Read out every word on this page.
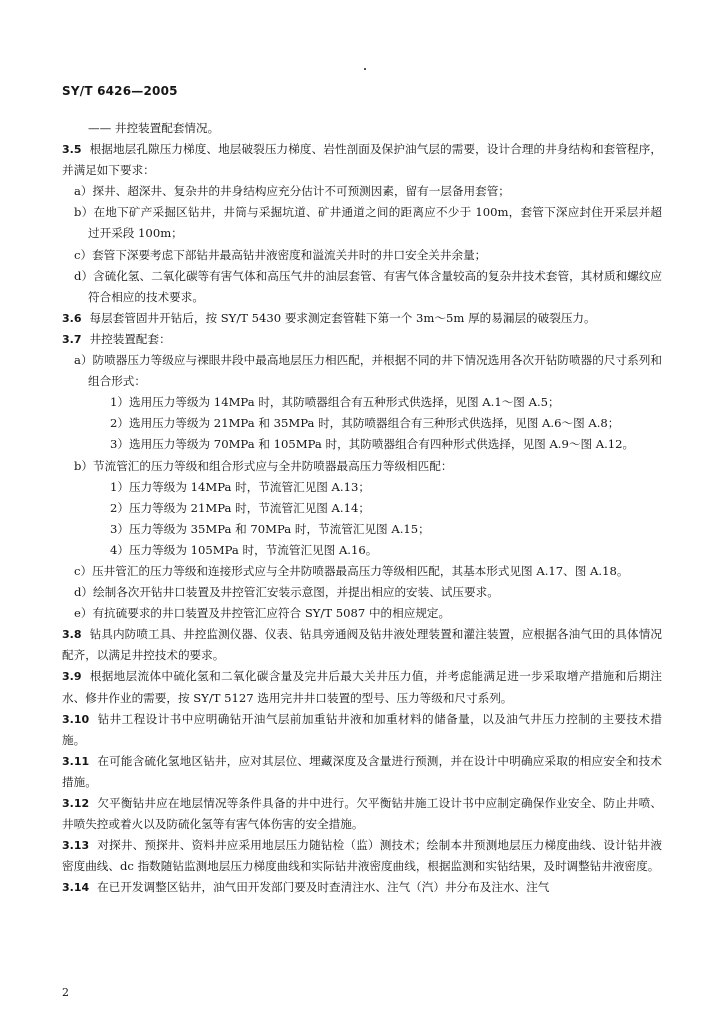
SY/T 6426—2005
—— 井控装置配套情况。
3.5 根据地层孔隙压力梯度、地层破裂压力梯度、岩性剖面及保护油气层的需要，设计合理的井身结构和套管程序，并满足如下要求：
a）探井、超深井、复杂井的井身结构应充分估计不可预测因素，留有一层备用套管；
b）在地下矿产采掘区钻井，井筒与采掘坑道、矿井通道之间的距离应不少于 100m，套管下深应封住开采层并超过开采段 100m；
c）套管下深要考虑下部钻井最高钻井液密度和溢流关井时的井口安全关井余量；
d）含硫化氢、二氧化碳等有害气体和高压气井的油层套管、有害气体含量较高的复杂井技术套管，其材质和螺纹应符合相应的技术要求。
3.6 每层套管固井开钻后，按 SY/T 5430 要求测定套管鞋下第一个 3m～5m 厚的易漏层的破裂压力。
3.7 井控装置配套：
a）防喷器压力等级应与裸眼井段中最高地层压力相匹配，并根据不同的井下情况选用各次开钻防喷器的尺寸系列和组合形式：
1）选用压力等级为 14MPa 时，其防喷器组合有五种形式供选择，见图 A.1～图 A.5；
2）选用压力等级为 21MPa 和 35MPa 时，其防喷器组合有三种形式供选择，见图 A.6～图 A.8；
3）选用压力等级为 70MPa 和 105MPa 时，其防喷器组合有四种形式供选择，见图 A.9～图 A.12。
b）节流管汇的压力等级和组合形式应与全井防喷器最高压力等级相匹配：
1）压力等级为 14MPa 时，节流管汇见图 A.13；
2）压力等级为 21MPa 时，节流管汇见图 A.14；
3）压力等级为 35MPa 和 70MPa 时，节流管汇见图 A.15；
4）压力等级为 105MPa 时，节流管汇见图 A.16。
c）压井管汇的压力等级和连接形式应与全井防喷器最高压力等级相匹配，其基本形式见图 A.17、图 A.18。
d）绘制各次开钻井口装置及井控管汇安装示意图，并提出相应的安装、试压要求。
e）有抗硫要求的井口装置及井控管汇应符合 SY/T 5087 中的相应规定。
3.8 钻具内防喷工具、井控监测仪器、仪表、钻具旁通阀及钻井液处理装置和灌注装置，应根据各油气田的具体情况配齐，以满足井控技术的要求。
3.9 根据地层流体中硫化氢和二氧化碳含量及完井后最大关井压力值，并考虑能满足进一步采取增产措施和后期注水、修井作业的需要，按 SY/T 5127 选用完井井口装置的型号、压力等级和尺寸系列。
3.10 钻井工程设计书中应明确钻开油气层前加重钻井液和加重材料的储备量，以及油气井压力控制的主要技术措施。
3.11 在可能含硫化氢地区钻井，应对其层位、埋藏深度及含量进行预测，并在设计中明确应采取的相应安全和技术措施。
3.12 欠平衡钻井应在地层情况等条件具备的井中进行。欠平衡钻井施工设计书中应制定确保作业安全、防止井喷、井喷失控或着火以及防硫化氢等有害气体伤害的安全措施。
3.13 对探井、预探井、资料井应采用地层压力随钻检（监）测技术；绘制本井预测地层压力梯度曲线、设计钻井液密度曲线、dc 指数随钻监测地层压力梯度曲线和实际钻井液密度曲线，根据监测和实钻结果，及时调整钻井液密度。
3.14 在已开发调整区钻井，油气田开发部门要及时查清注水、注气（汽）井分布及注水、注气
2
